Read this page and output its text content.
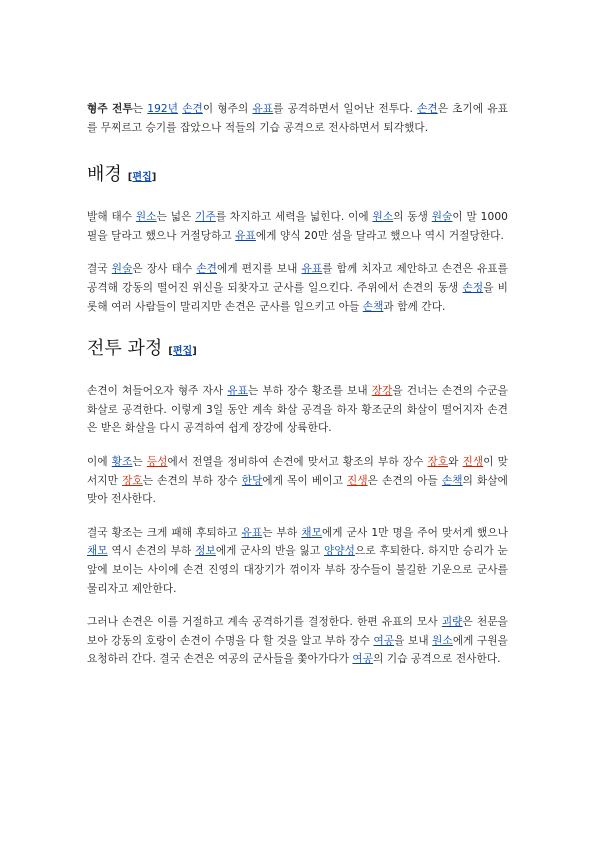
형주 전투는 192년 손견이 형주의 유표를 공격하면서 일어난 전투다. 손견은 초기에 유표를 무찌르고 승기를 잡았으나 적들의 기습 공격으로 전사하면서 퇴각했다.

배경 [편집]

발해 태수 원소는 넓은 기주를 차지하고 세력을 넓힌다. 이에 원소의 동생 원술이 말 1000필을 달라고 했으나 거절당하고 유표에게 양식 20만 섬을 달라고 했으나 역시 거절당한다.

결국 원술은 장사 태수 손견에게 편지를 보내 유표를 함께 치자고 제안하고 손견은 유표를 공격해 강동의 떨어진 위신을 되찾자고 군사를 일으킨다. 주위에서 손견의 동생 손정을 비롯해 여러 사람들이 말리지만 손견은 군사를 일으키고 아들 손책과 함께 간다.

전투 과정 [편집]

손견이 쳐들어오자 형주 자사 유표는 부하 장수 황조를 보내 장강을 건너는 손견의 수군을 화살로 공격한다. 이렇게 3일 동안 계속 화살 공격을 하자 황조군의 화살이 떨어지자 손견은 받은 화살을 다시 공격하여 쉽게 장강에 상륙한다.

이에 황조는 등성에서 전열을 정비하여 손견에 맞서고 황조의 부하 장수 장호와 진생이 맞서지만 장호는 손견의 부하 장수 한당에게 목이 베이고 진생은 손견의 아들 손책의 화살에 맞아 전사한다.

결국 황조는 크게 패해 후퇴하고 유표는 부하 채모에게 군사 1만 명을 주어 맞서게 했으나 채모 역시 손견의 부하 정보에게 군사의 반을 잃고 양양성으로 후퇴한다. 하지만 승리가 눈 앞에 보이는 사이에 손견 진영의 대장기가 꺾이자 부하 장수들이 불길한 기운으로 군사를 물리자고 제안한다.

그러나 손견은 이를 거절하고 계속 공격하기를 결정한다. 한편 유표의 모사 괴량은 천문을 보아 강동의 호랑이 손견이 수명을 다 할 것을 알고 부하 장수 여공을 보내 원소에게 구원을 요청하러 간다. 결국 손견은 여공의 군사들을 쫓아가다가 여공의 기습 공격으로 전사한다.
